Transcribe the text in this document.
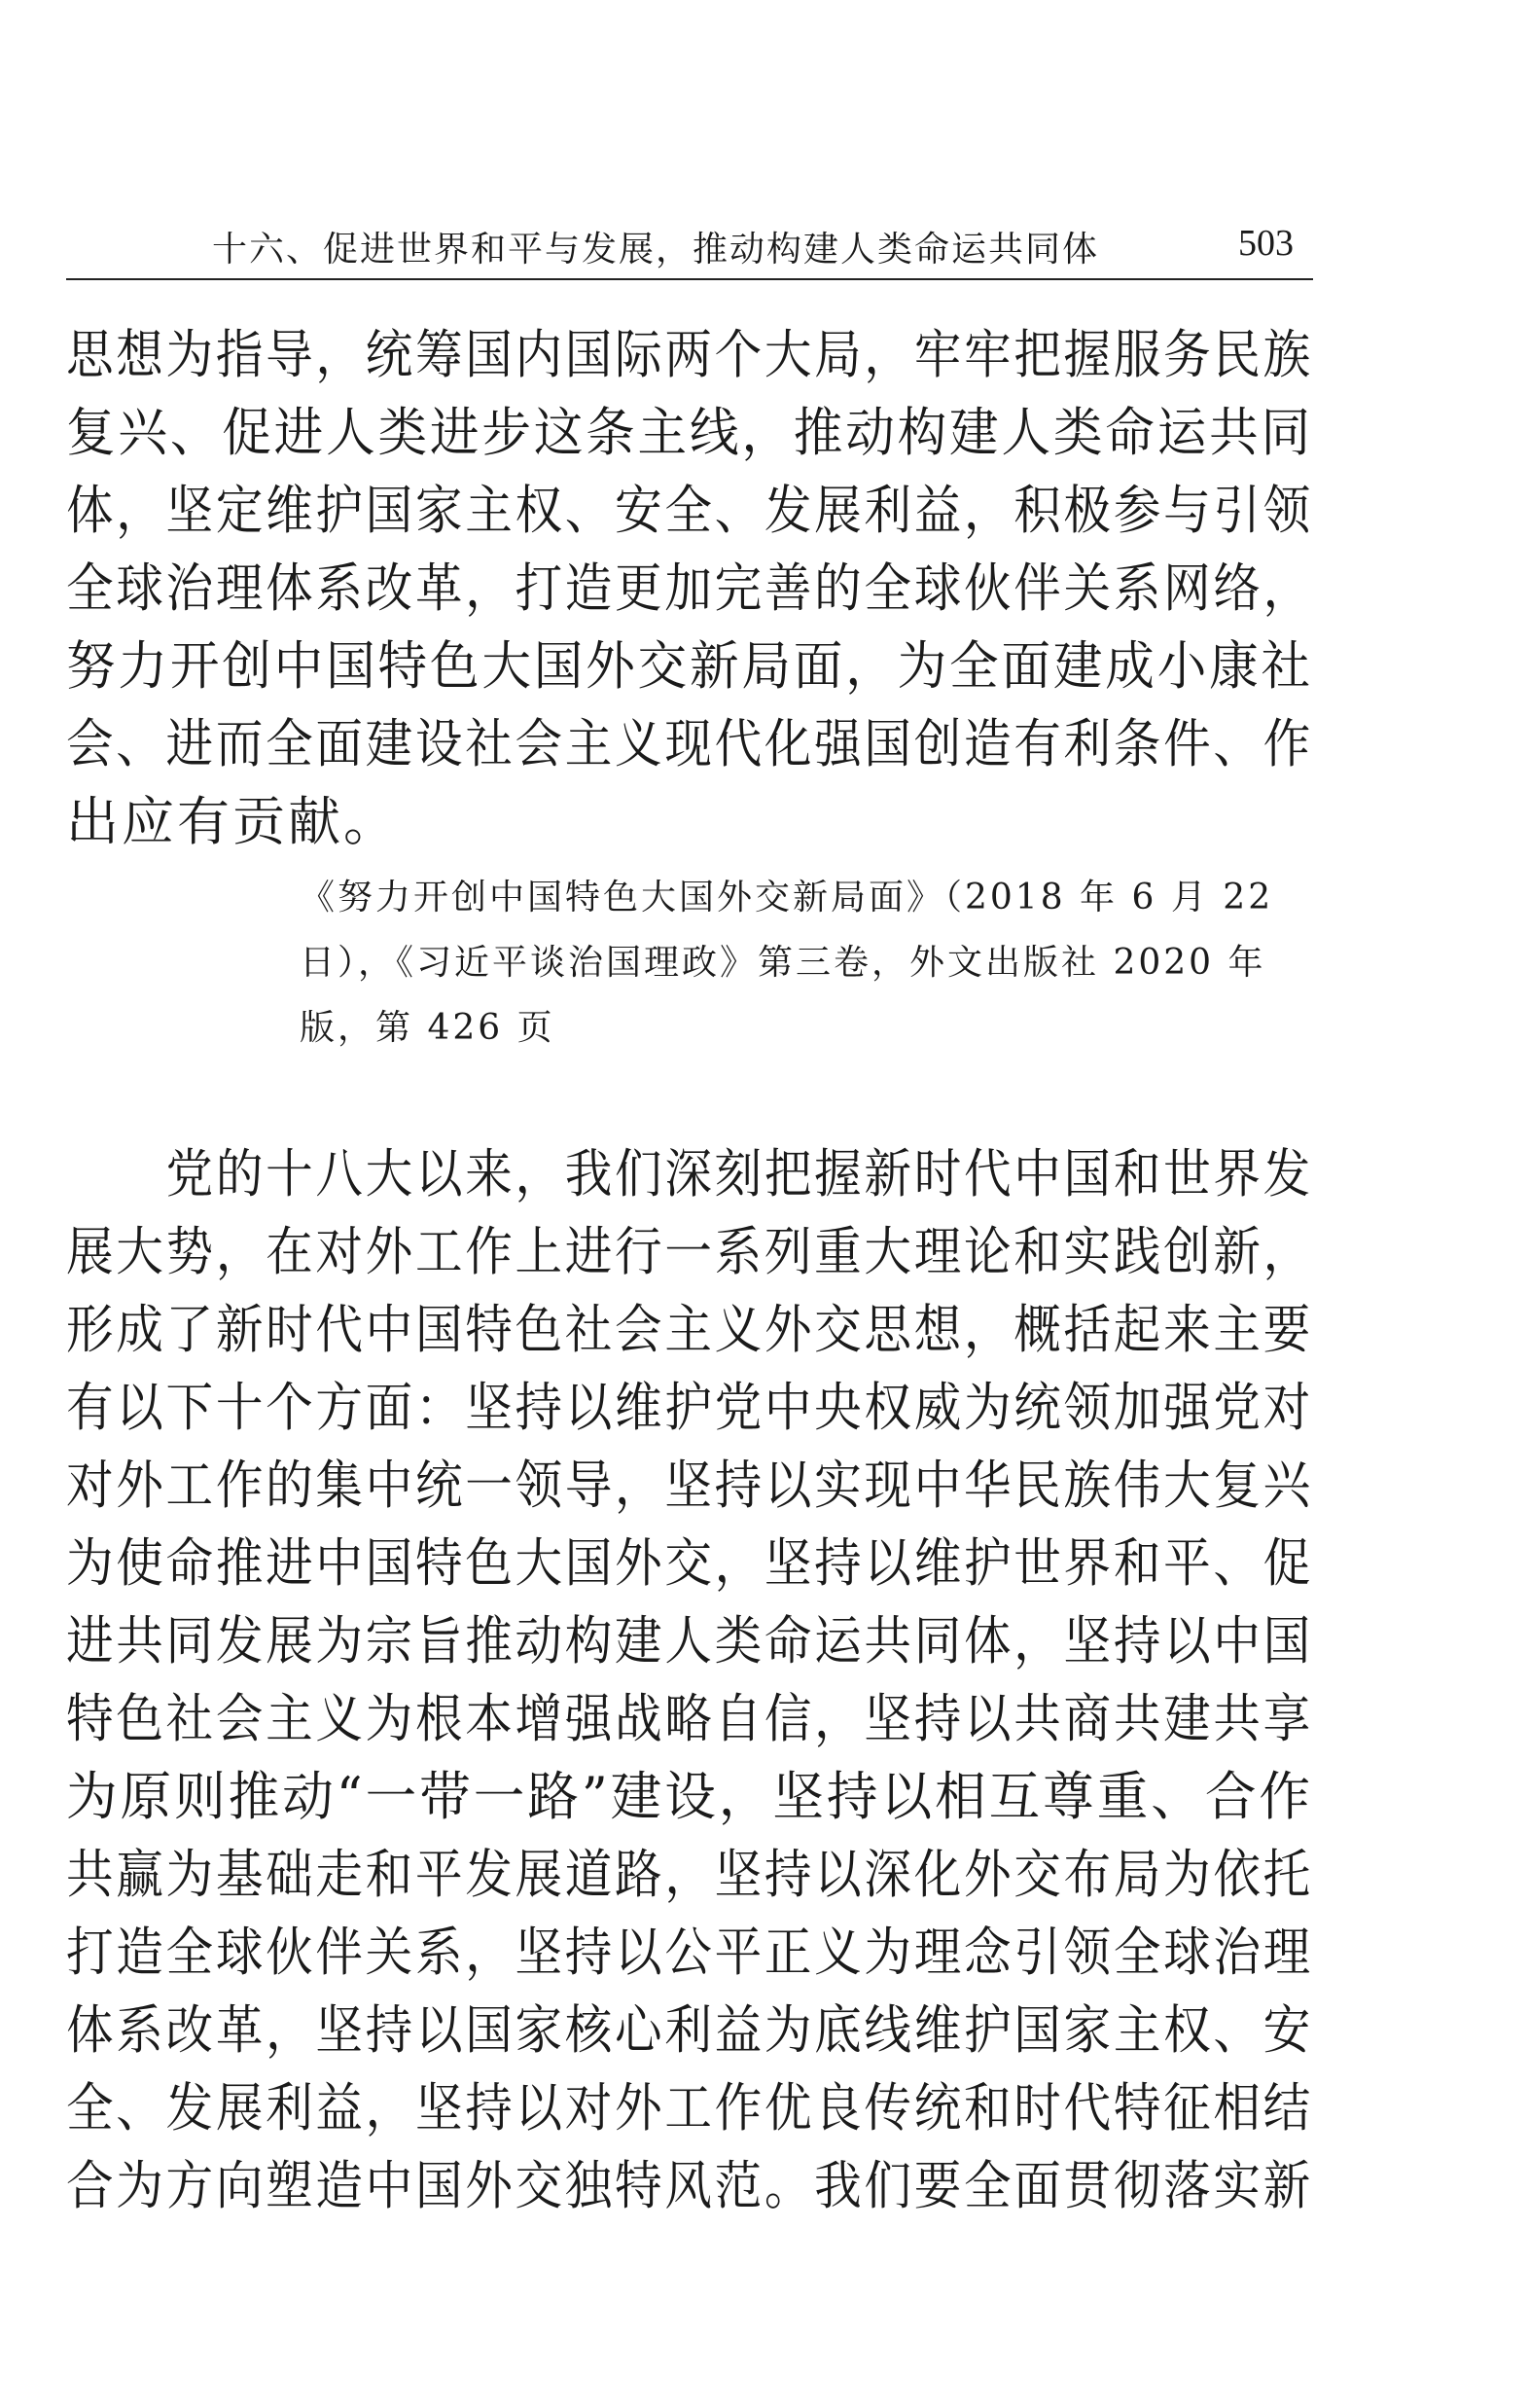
十六、促进世界和平与发展，推动构建人类命运共同体	503
思想为指导，统筹国内国际两个大局，牢牢把握服务民族
复兴、促进人类进步这条主线，推动构建人类命运共同
体，坚定维护国家主权、安全、发展利益，积极参与引领
全球治理体系改革，打造更加完善的全球伙伴关系网络，
努力开创中国特色大国外交新局面，为全面建成小康社
会、进而全面建设社会主义现代化强国创造有利条件、作
出应有贡献。
《努力开创中国特色大国外交新局面》（2018 年 6 月 22
日），《习近平谈治国理政》第三卷，外文出版社 2020 年
版，第 426 页
　　党的十八大以来，我们深刻把握新时代中国和世界发
展大势，在对外工作上进行一系列重大理论和实践创新，
形成了新时代中国特色社会主义外交思想，概括起来主要
有以下十个方面：坚持以维护党中央权威为统领加强党对
对外工作的集中统一领导，坚持以实现中华民族伟大复兴
为使命推进中国特色大国外交，坚持以维护世界和平、促
进共同发展为宗旨推动构建人类命运共同体，坚持以中国
特色社会主义为根本增强战略自信，坚持以共商共建共享
为原则推动“一带一路”建设，坚持以相互尊重、合作
共赢为基础走和平发展道路，坚持以深化外交布局为依托
打造全球伙伴关系，坚持以公平正义为理念引领全球治理
体系改革，坚持以国家核心利益为底线维护国家主权、安
全、发展利益，坚持以对外工作优良传统和时代特征相结
合为方向塑造中国外交独特风范。我们要全面贯彻落实新
